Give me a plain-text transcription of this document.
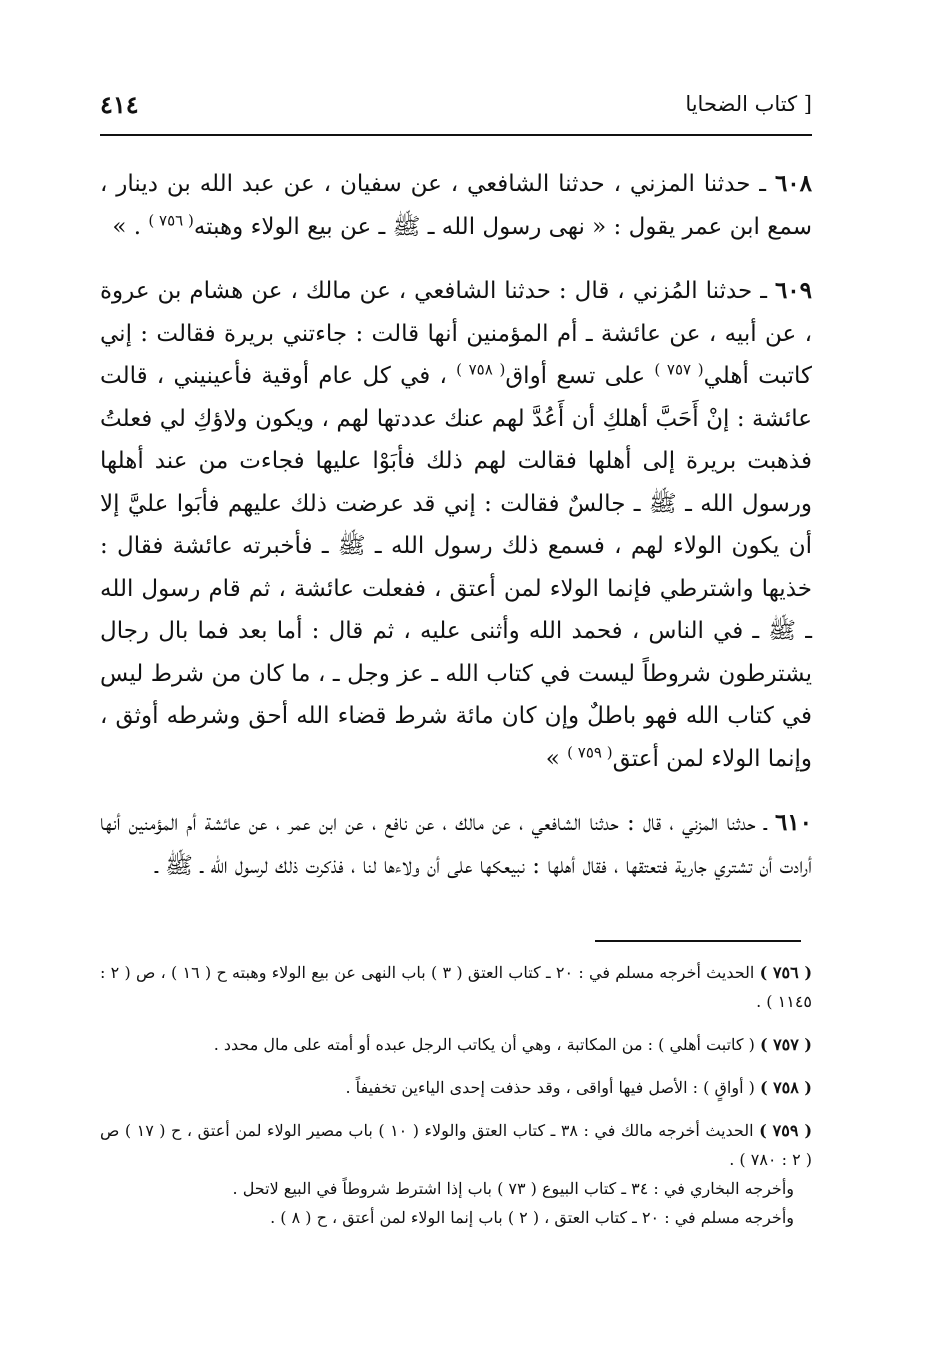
[ كتاب الضحايا
٤١٤

٦٠٨ ـ حدثنا المزني ، حدثنا الشافعي ، عن سفيان ، عن عبد الله بن دينار ، سمع ابن عمر يقول : « نهى رسول الله ـ ﷺ ـ عن بيع الولاء وهبته$^{( ٧٥٦ )}$ . »

٦٠٩ ـ حدثنا المُزني ، قال : حدثنا الشافعي ، عن مالك ، عن هشام بن عروة ، عن أبيه ، عن عائشة ـ أم المؤمنين أنها قالت : جاءتني بريرة فقالت : إني كاتبت أهلي$^{( ٧٥٧ )}$ على تسع أواق$^{( ٧٥٨ )}$ ، في كل عام أوقية فأعينيني ، قالت عائشة : إنْ أَحَبَّ أهلكِ أن أَعُدَّ لهم عنك عددتها لهم ، ويكون ولاؤكِ لي فعلتُ فذهبت بريرة إلى أهلها فقالت لهم ذلك فأبَوْا عليها فجاءت من عند أهلها ورسول الله ـ ﷺ ـ جالسٌ فقالت : إني قد عرضت ذلك عليهم فأبَوا عليَّ إلا أن يكون الولاء لهم ، فسمع ذلك رسول الله ـ ﷺ ـ فأخبرته عائشة فقال : خذيها واشترطي فإنما الولاء لمن أعتق ، ففعلت عائشة ، ثم قام رسول الله ـ ﷺ ـ في الناس ، فحمد الله وأثنى عليه ، ثم قال : أما بعد فما بال رجال يشترطون شروطاً ليست في كتاب الله ـ عز وجل ـ ، ما كان من شرط ليس في كتاب الله فهو باطلٌ وإن كان مائة شرط قضاء الله أحق وشرطه أوثق ، وإنما الولاء لمن أعتق$^{( ٧٥٩ )}$ »

٦١٠ ـ حدثنا المزني ، قال : حدثنا الشافعي ، عن مالك ، عن نافع ، عن ابن عمر ، عن عائشة أم المؤمنين أنها أرادت أن تشتري جارية فتعتقها ، فقال أهلها : نبيعكها على أن ولاءها لنا ، فذكرت ذلك لرسول الله ـ ﷺ ـ

( ٧٥٦ ) الحديث أخرجه مسلم في : ٢٠ ـ كتاب العتق ( ٣ ) باب النهى عن بيع الولاء وهبته ح ( ١٦ ) ، ص ( ٢ : ١١٤٥ ) .

( ٧٥٧ ) ( كاتبت أهلي ) : من المكاتبة ، وهي أن يكاتب الرجل عبده أو أمته على مال محدد .

( ٧٥٨ ) ( أواقٍ ) : الأصل فيها أواقى ، وقد حذفت إحدى الياءين تخفيفاً .

( ٧٥٩ ) الحديث أخرجه مالك في : ٣٨ ـ كتاب العتق والولاء ( ١٠ ) باب مصير الولاء لمن أعتق ، ح ( ١٧ ) ص ( ٢ : ٧٨٠ ) .

وأخرجه البخاري في : ٣٤ ـ كتاب البيوع ( ٧٣ ) باب إذا اشترط شروطاً في البيع لاتحل .

وأخرجه مسلم في : ٢٠ ـ كتاب العتق ، ( ٢ ) باب إنما الولاء لمن أعتق ، ح ( ٨ ) .
